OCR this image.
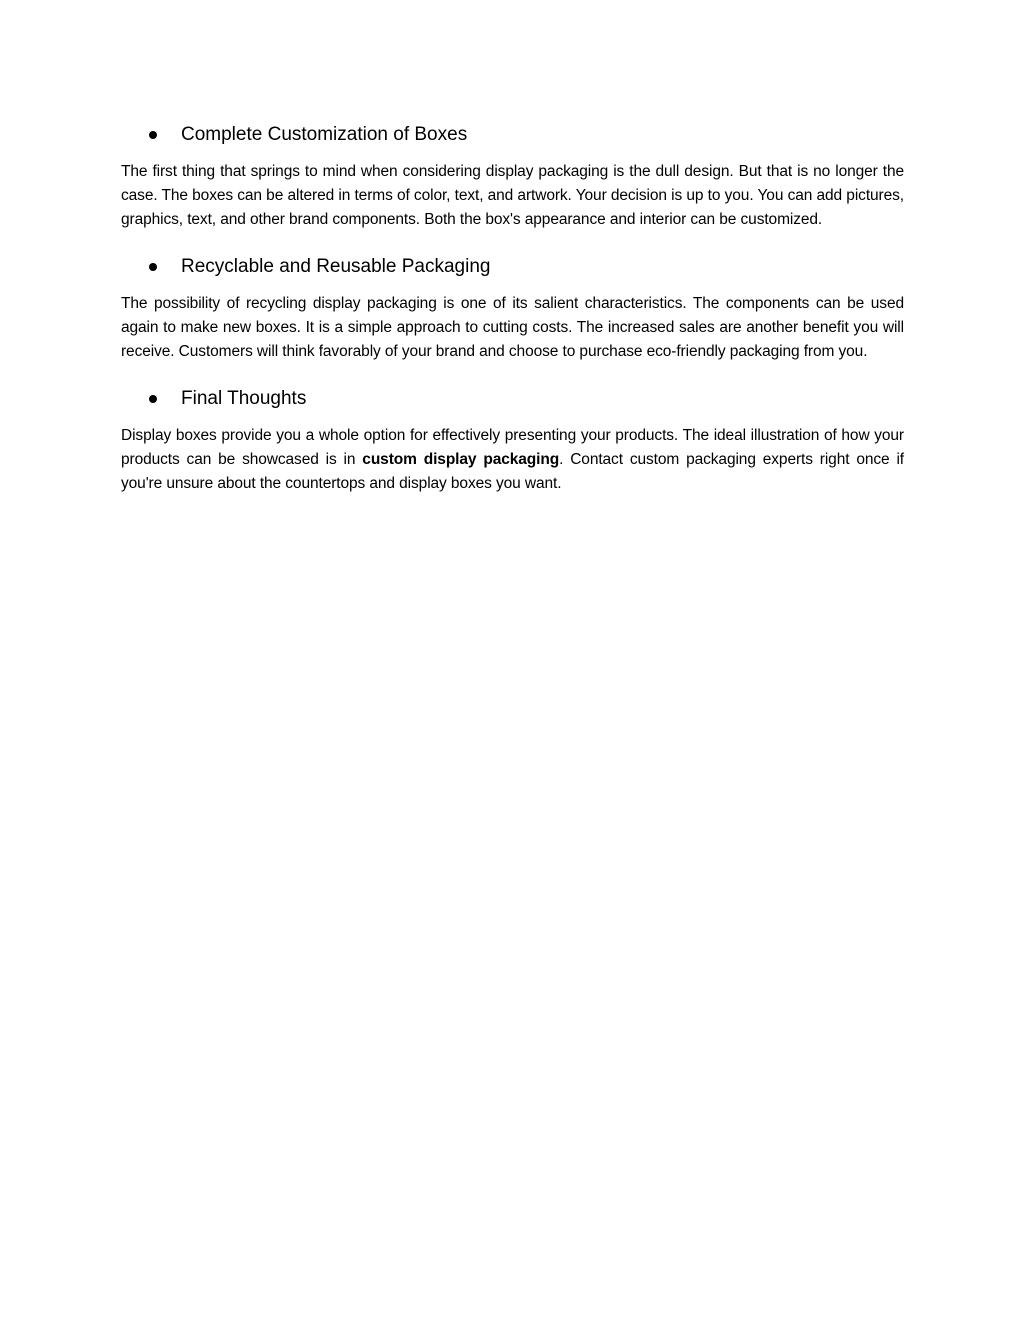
Complete Customization of Boxes

The first thing that springs to mind when considering display packaging is the dull design. But that is no longer the case. The boxes can be altered in terms of color, text, and artwork. Your decision is up to you. You can add pictures, graphics, text, and other brand components. Both the box's appearance and interior can be customized.

Recyclable and Reusable Packaging

The possibility of recycling display packaging is one of its salient characteristics. The components can be used again to make new boxes. It is a simple approach to cutting costs. The increased sales are another benefit you will receive. Customers will think favorably of your brand and choose to purchase eco-friendly packaging from you.

Final Thoughts

Display boxes provide you a whole option for effectively presenting your products. The ideal illustration of how your products can be showcased is in custom display packaging. Contact custom packaging experts right once if you're unsure about the countertops and display boxes you want.
